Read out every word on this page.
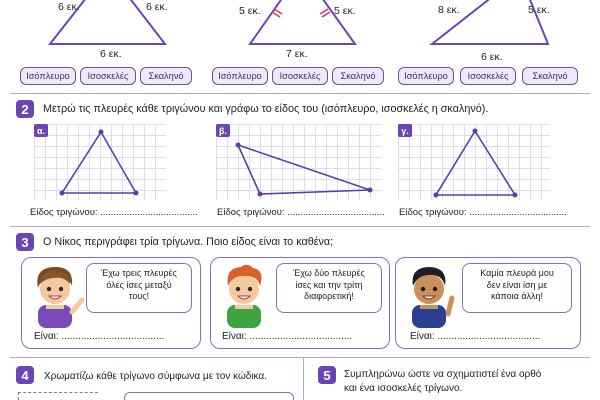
6 εκ.	6 εκ.
6 εκ.
5 εκ.	5 εκ.
7 εκ.
8 εκ.	5 εκ.
6 εκ.
Ισόπλευρο	Ισοσκελές	Σκαληνό	Ισόπλευρο	Ισοσκελές	Σκαληνό	Ισόπλευρο	Ισοσκελές	Σκαληνό
2	Μετρώ τις πλευρές κάθε τριγώνου και γράφω το είδος του (ισόπλευρο, ισοσκελές η σκαληνό).
α.
Είδος τριγώνου: .....................................
β.
Είδος τριγώνου: .....................................
γ.
Είδος τριγώνου: .....................................
3	Ο Νίκος περιγράφει τρία τρίγωνα. Ποιο είδος είναι το καθένα;
Έχω τρεις πλευρές
όλες ίσες μεταξύ
τους!
Είναι: .....................................
Έχω δύο πλευρές
ίσες και την τρίτη
διαφορετική!
Είναι: .....................................
Καμία πλευρά μου
δεν είναι ίση με
κάποια άλλη!
Είναι: .....................................
4	Χρωματίζω κάθε τρίγωνο σύμφωνα με τον κώδικα.	5	Συμπληρώνω ώστε να σχηματιστεί ένα ορθό
και ένα ισοσκελές τρίγωνο.
